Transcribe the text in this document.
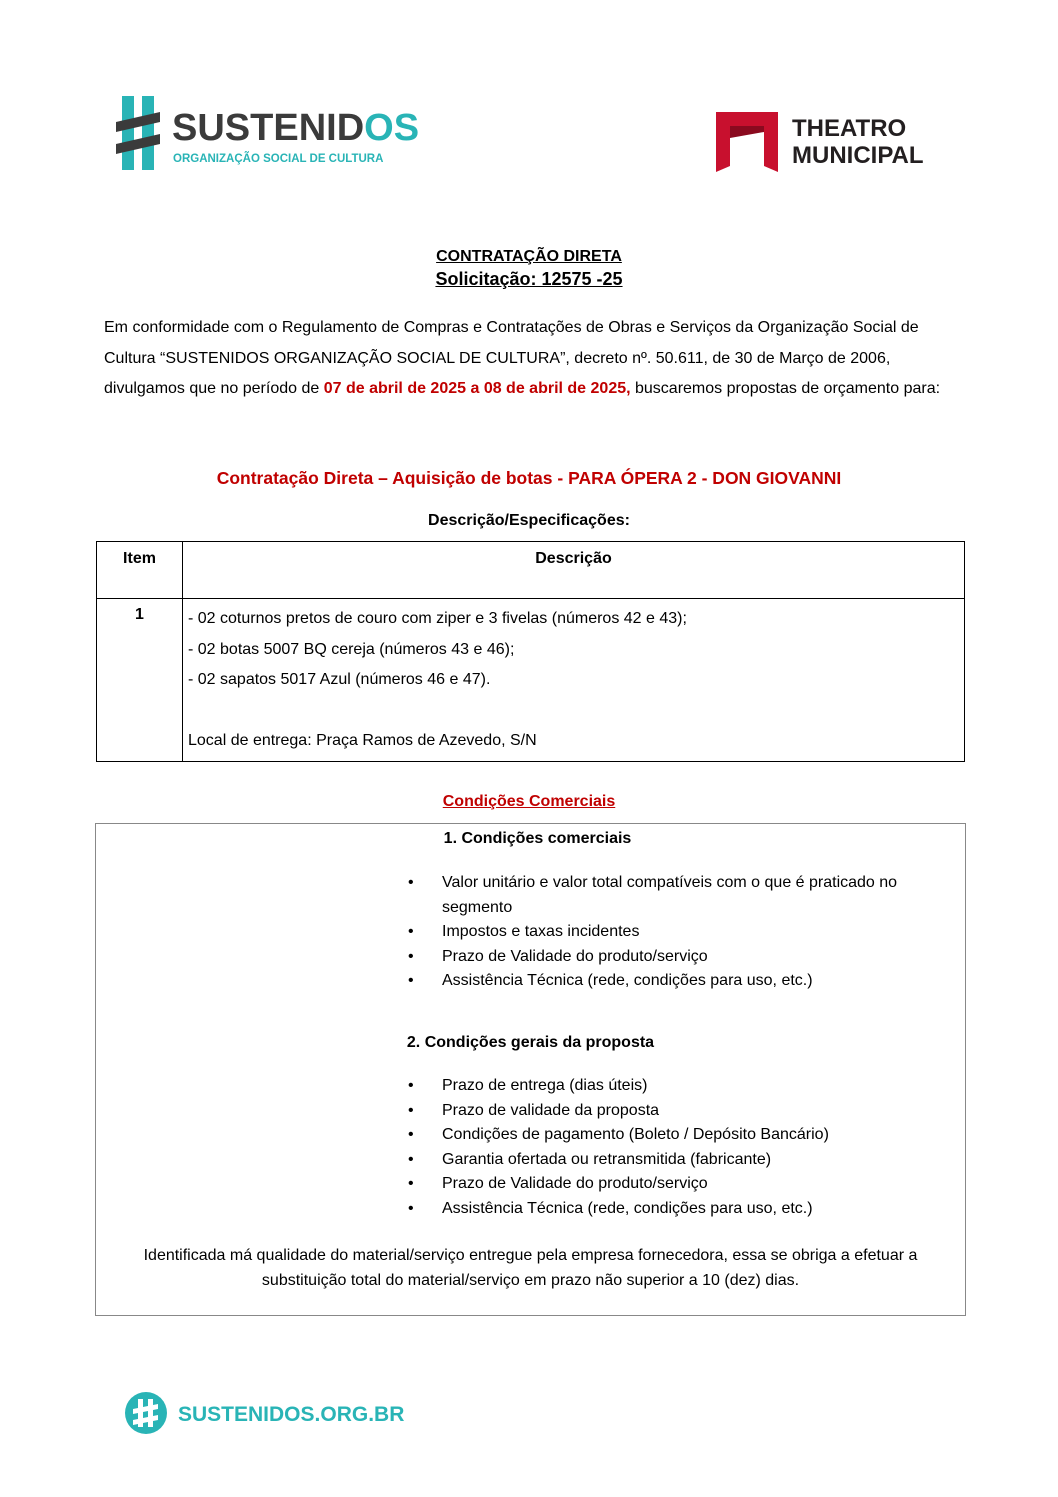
SUSTENIDOS
ORGANIZAÇÃO SOCIAL DE CULTURA
THEATRO
MUNICIPAL
CONTRATAÇÃO DIRETA
Solicitação: 12575 -25
Em conformidade com o Regulamento de Compras e Contratações de Obras e Serviços da Organização Social de Cultura “SUSTENIDOS ORGANIZAÇÃO SOCIAL DE CULTURA”, decreto nº. 50.611, de 30 de Março de 2006, divulgamos que no período de 07 de abril de 2025 a 08 de abril de 2025, buscaremos propostas de orçamento para:
Contratação Direta – Aquisição de botas - PARA ÓPERA 2 - DON GIOVANNI
Descrição/Especificações:
Item	Descrição
1	- 02 coturnos pretos de couro com ziper e 3 fivelas (números 42 e 43);
- 02 botas 5007 BQ cereja (números 43 e 46);
- 02 sapatos 5017 Azul (números 46 e 47).
Local de entrega: Praça Ramos de Azevedo, S/N
Condições Comerciais
1. Condições comerciais
• Valor unitário e valor total compatíveis com o que é praticado no segmento
• Impostos e taxas incidentes
• Prazo de Validade do produto/serviço
• Assistência Técnica (rede, condições para uso, etc.)
2. Condições gerais da proposta
• Prazo de entrega (dias úteis)
• Prazo de validade da proposta
• Condições de pagamento (Boleto / Depósito Bancário)
• Garantia ofertada ou retransmitida (fabricante)
• Prazo de Validade do produto/serviço
• Assistência Técnica (rede, condições para uso, etc.)
Identificada má qualidade do material/serviço entregue pela empresa fornecedora, essa se obriga a efetuar a substituição total do material/serviço em prazo não superior a 10 (dez) dias.
SUSTENIDOS.ORG.BR
